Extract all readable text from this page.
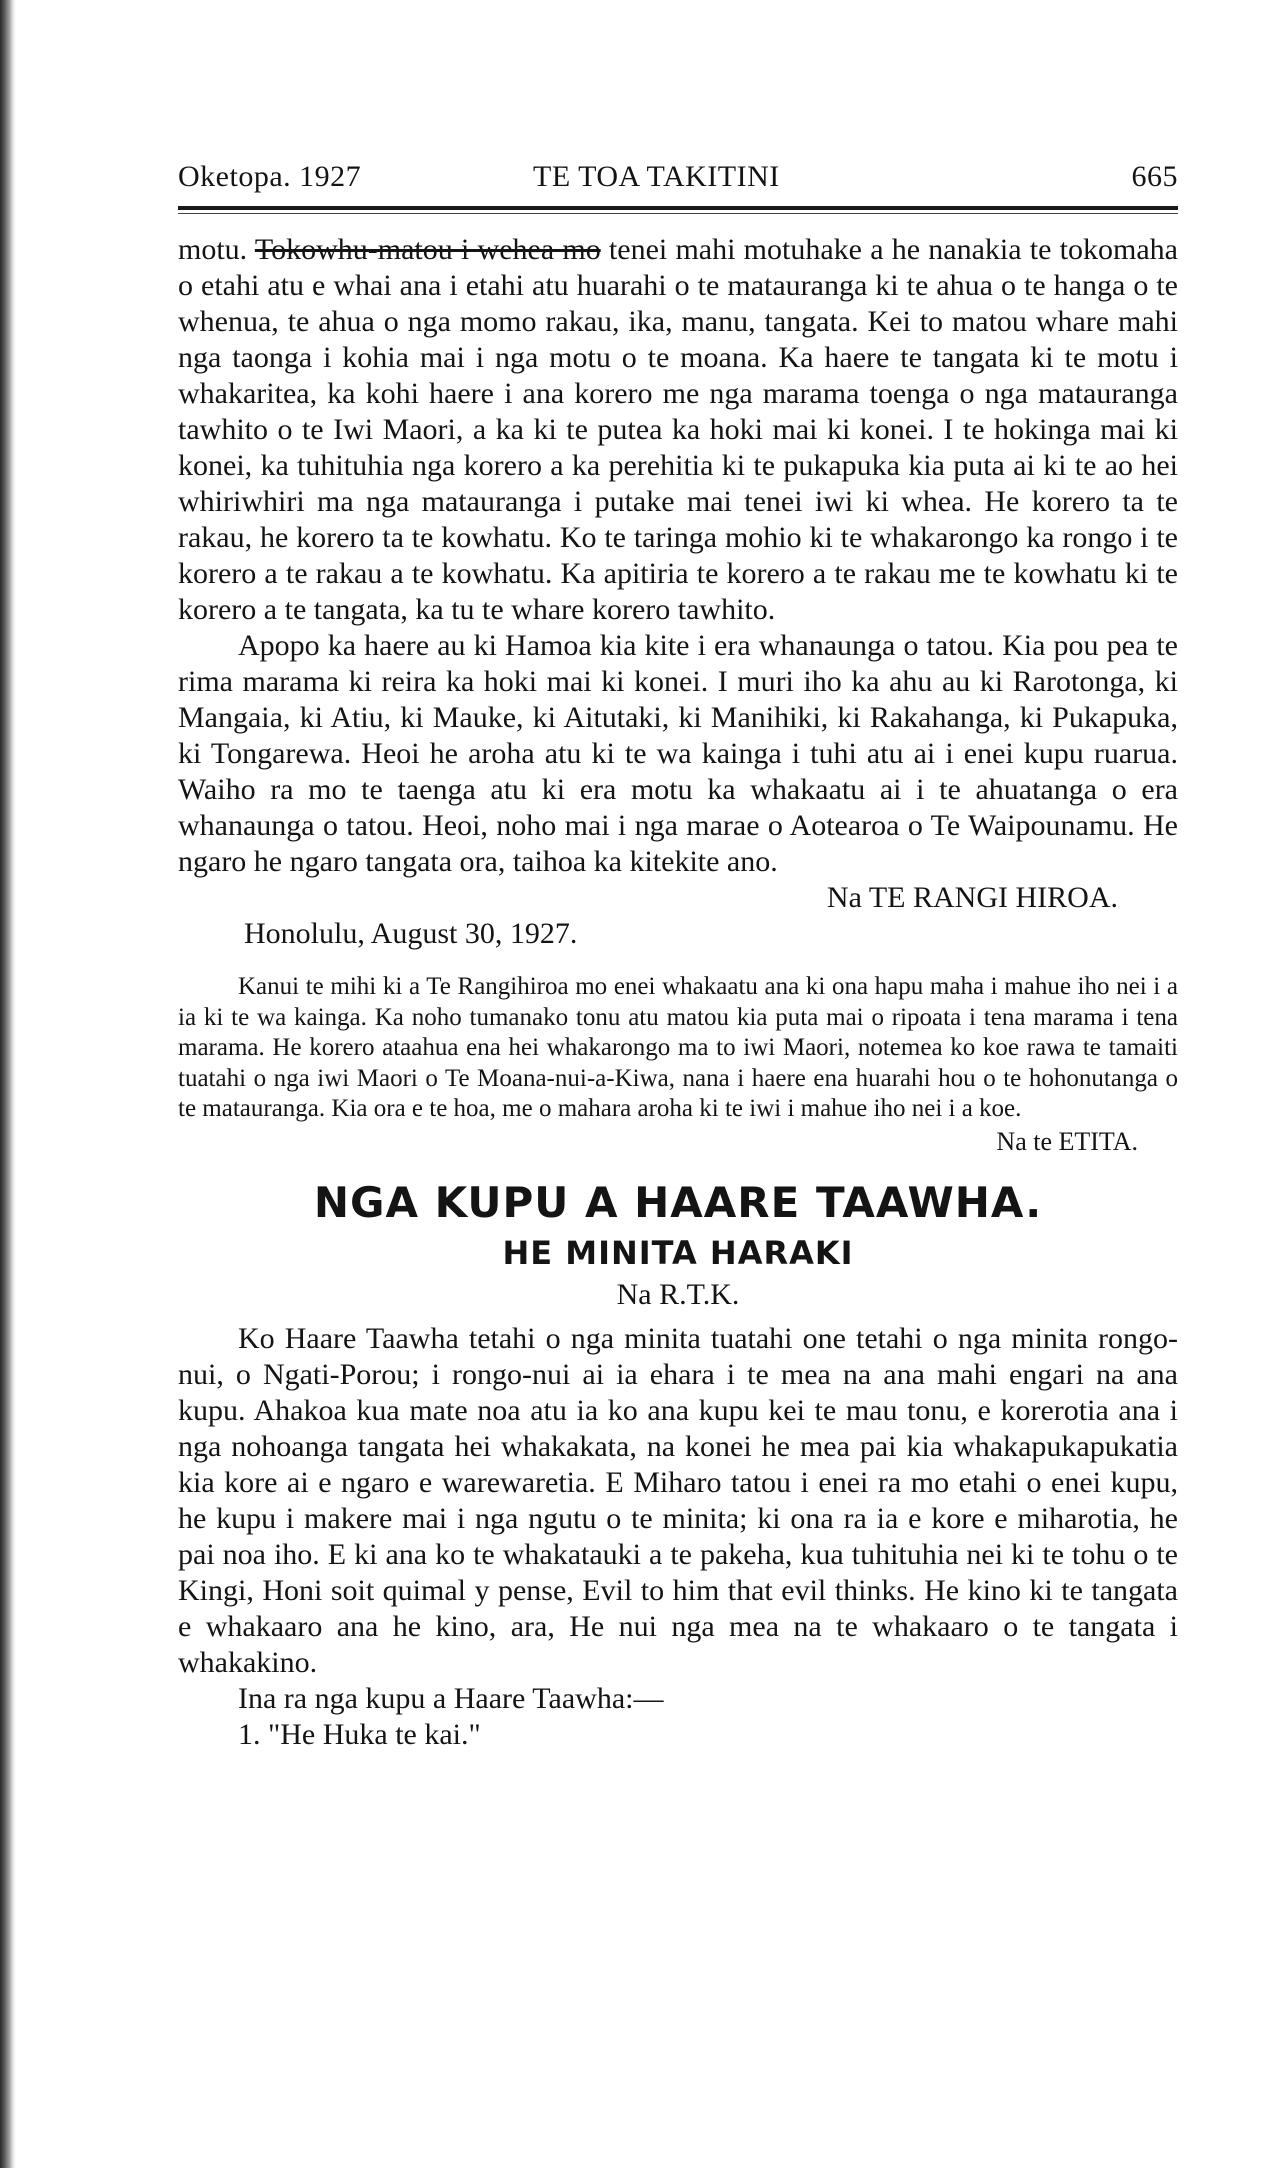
Oketopa. 1927	TE TOA TAKITINI	665

motu. Tokowhu-matou i wehea mo tenei mahi motuhake a he nanakia te tokomaha o etahi atu e whai ana i etahi atu huarahi o te matauranga ki te ahua o te hanga o te whenua, te ahua o nga momo rakau, ika, manu, tangata. Kei to matou whare mahi nga taonga i kohia mai i nga motu o te moana. Ka haere te tangata ki te motu i whakaritea, ka kohi haere i ana korero me nga marama toenga o nga matauranga tawhito o te Iwi Maori, a ka ki te putea ka hoki mai ki konei. I te hokinga mai ki konei, ka tuhituhia nga korero a ka perehitia ki te pukapuka kia puta ai ki te ao hei whiriwhiri ma nga matauranga i putake mai tenei iwi ki whea. He korero ta te rakau, he korero ta te kowhatu. Ko te taringa mohio ki te whakarongo ka rongo i te korero a te rakau a te kowhatu. Ka apitiria te korero a te rakau me te kowhatu ki te korero a te tangata, ka tu te whare korero tawhito.

Apopo ka haere au ki Hamoa kia kite i era whanaunga o tatou. Kia pou pea te rima marama ki reira ka hoki mai ki konei. I muri iho ka ahu au ki Rarotonga, ki Mangaia, ki Atiu, ki Mauke, ki Aitutaki, ki Manihiki, ki Rakahanga, ki Pukapuka, ki Tongarewa. Heoi he aroha atu ki te wa kainga i tuhi atu ai i enei kupu ruarua. Waiho ra mo te taenga atu ki era motu ka whakaatu ai i te ahuatanga o era whanaunga o tatou. Heoi, noho mai i nga marae o Aotearoa o Te Waipounamu. He ngaro he ngaro tangata ora, taihoa ka kitekite ano.

Na TE RANGI HIROA.
Honolulu, August 30, 1927.

Kanui te mihi ki a Te Rangihiroa mo enei whakaatu ana ki ona hapu maha i mahue iho nei i a ia ki te wa kainga. Ka noho tumanako tonu atu matou kia puta mai o ripoata i tena marama i tena marama. He korero ataahua ena hei whakarongo ma to iwi Maori, notemea ko koe rawa te tamaiti tuatahi o nga iwi Maori o Te Moana-nui-a-Kiwa, nana i haere ena huarahi hou o te hohonutanga o te matauranga. Kia ora e te hoa, me o mahara aroha ki te iwi i mahue iho nei i a koe.

Na te ETITA.
NGA KUPU A HAARE TAAWHA.
HE MINITA HARAKI
Na R.T.K.

Ko Haare Taawha tetahi o nga minita tuatahi one tetahi o nga minita rongo-nui, o Ngati-Porou; i rongo-nui ai ia ehara i te mea na ana mahi engari na ana kupu. Ahakoa kua mate noa atu ia ko ana kupu kei te mau tonu, e korerotia ana i nga nohoanga tangata hei whakakata, na konei he mea pai kia whakapukapukatia kia kore ai e ngaro e warewaretia. E Miharo tatou i enei ra mo etahi o enei kupu, he kupu i makere mai i nga ngutu o te minita; ki ona ra ia e kore e miharotia, he pai noa iho. E ki ana ko te whakatauki a te pakeha, kua tuhituhia nei ki te tohu o te Kingi, Honi soit quimal y pense, Evil to him that evil thinks. He kino ki te tangata e whakaaro ana he kino, ara, He nui nga mea na te whakaaro o te tangata i whakakino.

Ina ra nga kupu a Haare Taawha:—
1. "He Huka te kai."
